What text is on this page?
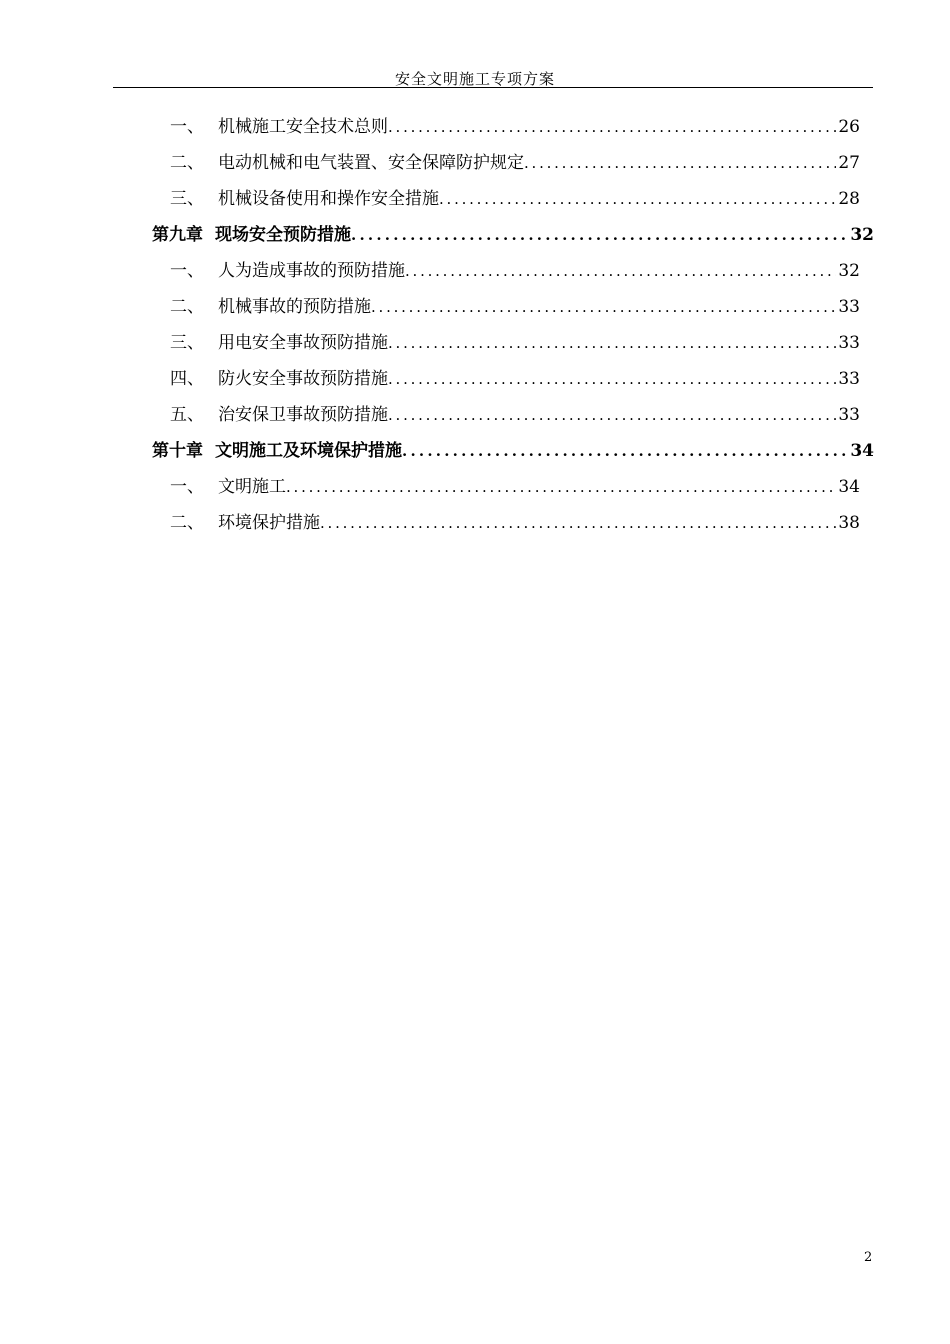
安全文明施工专项方案
一、 机械施工安全技术总则 . . .	26
二、 电动机械和电气装置、安全保障防护规定 . . .	27
三、 机械设备使用和操作安全措施 . . .	28
第九章 现场安全预防措施 . . .	32
一、 人为造成事故的预防措施 . . .	32
二、 机械事故的预防措施 . . .	33
三、 用电安全事故预防措施 . . .	33
四、 防火安全事故预防措施 . . .	33
五、 治安保卫事故预防措施 . . .	33
第十章 文明施工及环境保护措施 . . .	34
一、 文明施工 . . .	34
二、 环境保护措施 . . .	38
2
